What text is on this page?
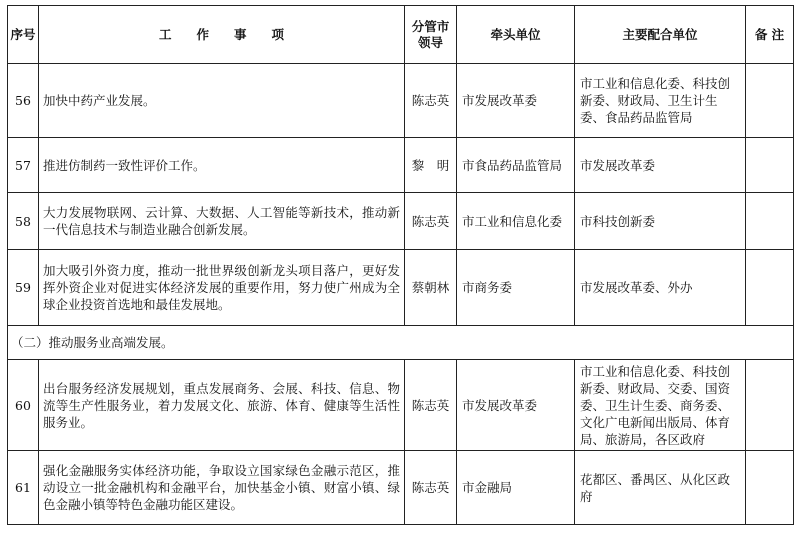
序号	工　　作　　事　　项	分管市领导	牵头单位	主要配合单位	备 注
56	加快中药产业发展。	陈志英	市发展改革委	市工业和信息化委、科技创新委、财政局、卫生计生委、食品药品监管局	
57	推进仿制药一致性评价工作。	黎　明	市食品药品监管局	市发展改革委	
58	大力发展物联网、云计算、大数据、人工智能等新技术，推动新一代信息技术与制造业融合创新发展。	陈志英	市工业和信息化委	市科技创新委	
59	加大吸引外资力度，推动一批世界级创新龙头项目落户，更好发挥外资企业对促进实体经济发展的重要作用，努力使广州成为全球企业投资首选地和最佳发展地。	蔡朝林	市商务委	市发展改革委、外办	
（二）推动服务业高端发展。					
60	出台服务经济发展规划，重点发展商务、会展、科技、信息、物流等生产性服务业，着力发展文化、旅游、体育、健康等生活性服务业。	陈志英	市发展改革委	市工业和信息化委、科技创新委、财政局、交委、国资委、卫生计生委、商务委、文化广电新闻出版局、体育局、旅游局，各区政府	
61	强化金融服务实体经济功能，争取设立国家绿色金融示范区，推动设立一批金融机构和金融平台，加快基金小镇、财富小镇、绿色金融小镇等特色金融功能区建设。	陈志英	市金融局	花都区、番禺区、从化区政府	
